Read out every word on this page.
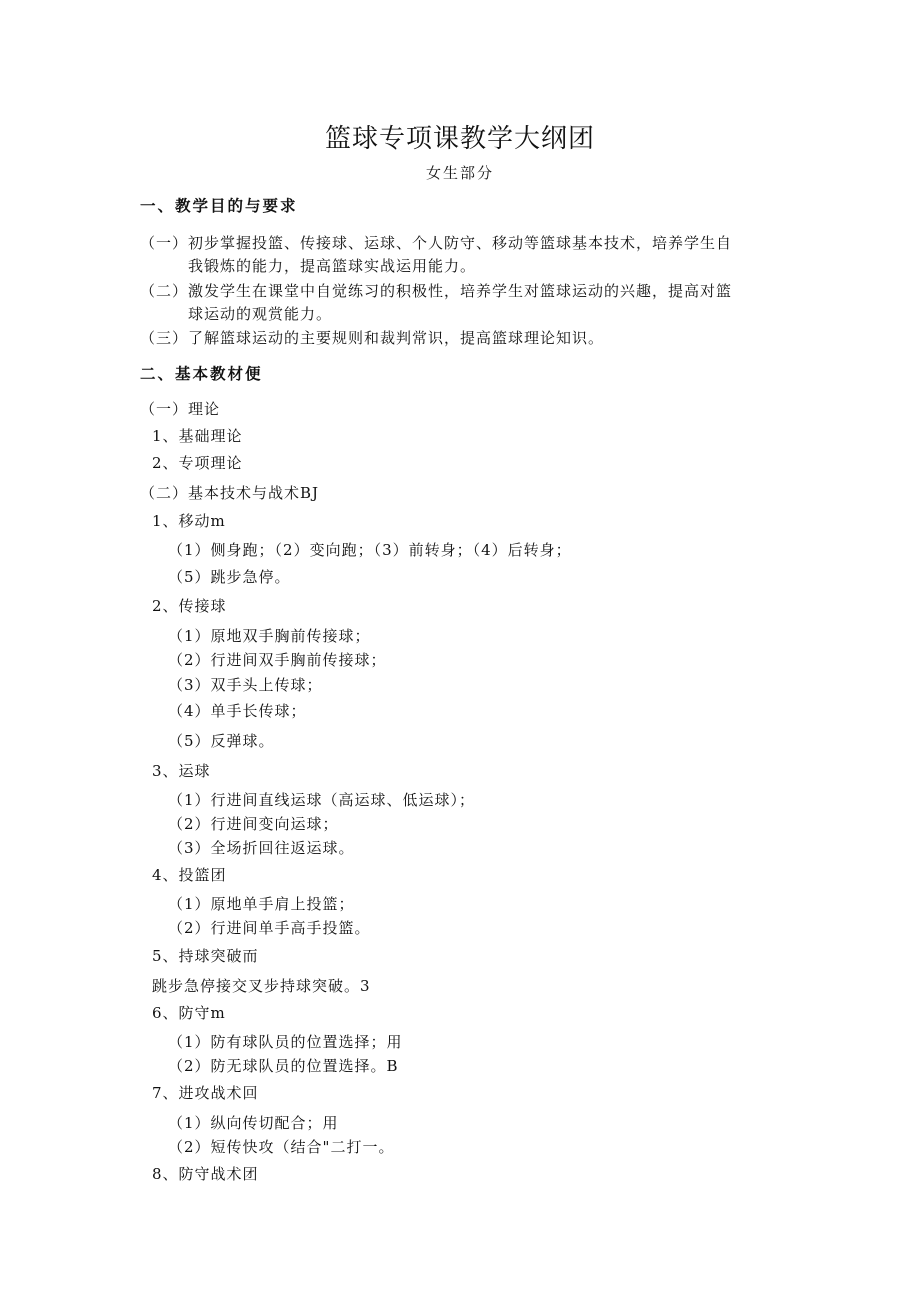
篮球专项课教学大纲团
女生部分
一、教学目的与要求
（一）初步掌握投篮、传接球、运球、个人防守、移动等篮球基本技术，培养学生自
我锻炼的能力，提高篮球实战运用能力。
（二）激发学生在课堂中自觉练习的积极性，培养学生对篮球运动的兴趣，提高对篮
球运动的观赏能力。
（三）了解篮球运动的主要规则和裁判常识，提高篮球理论知识。
二、基本教材便
（一）理论
1、基础理论
2、专项理论
（二）基本技术与战术BJ
1、移动m
（1）侧身跑；（2）变向跑；（3）前转身；（4）后转身；
（5）跳步急停。
2、传接球
（1）原地双手胸前传接球；
（2）行进间双手胸前传接球；
（3）双手头上传球；
（4）单手长传球；
（5）反弹球。
3、运球
（1）行进间直线运球（高运球、低运球）；
（2）行进间变向运球；
（3）全场折回往返运球。
4、投篮团
（1）原地单手肩上投篮；
（2）行进间单手高手投篮。
5、持球突破而
跳步急停接交叉步持球突破。3
6、防守m
（1）防有球队员的位置选择；用
（2）防无球队员的位置选择。B
7、进攻战术回
（1）纵向传切配合；用
（2）短传快攻（结合"二打一。
8、防守战术团
